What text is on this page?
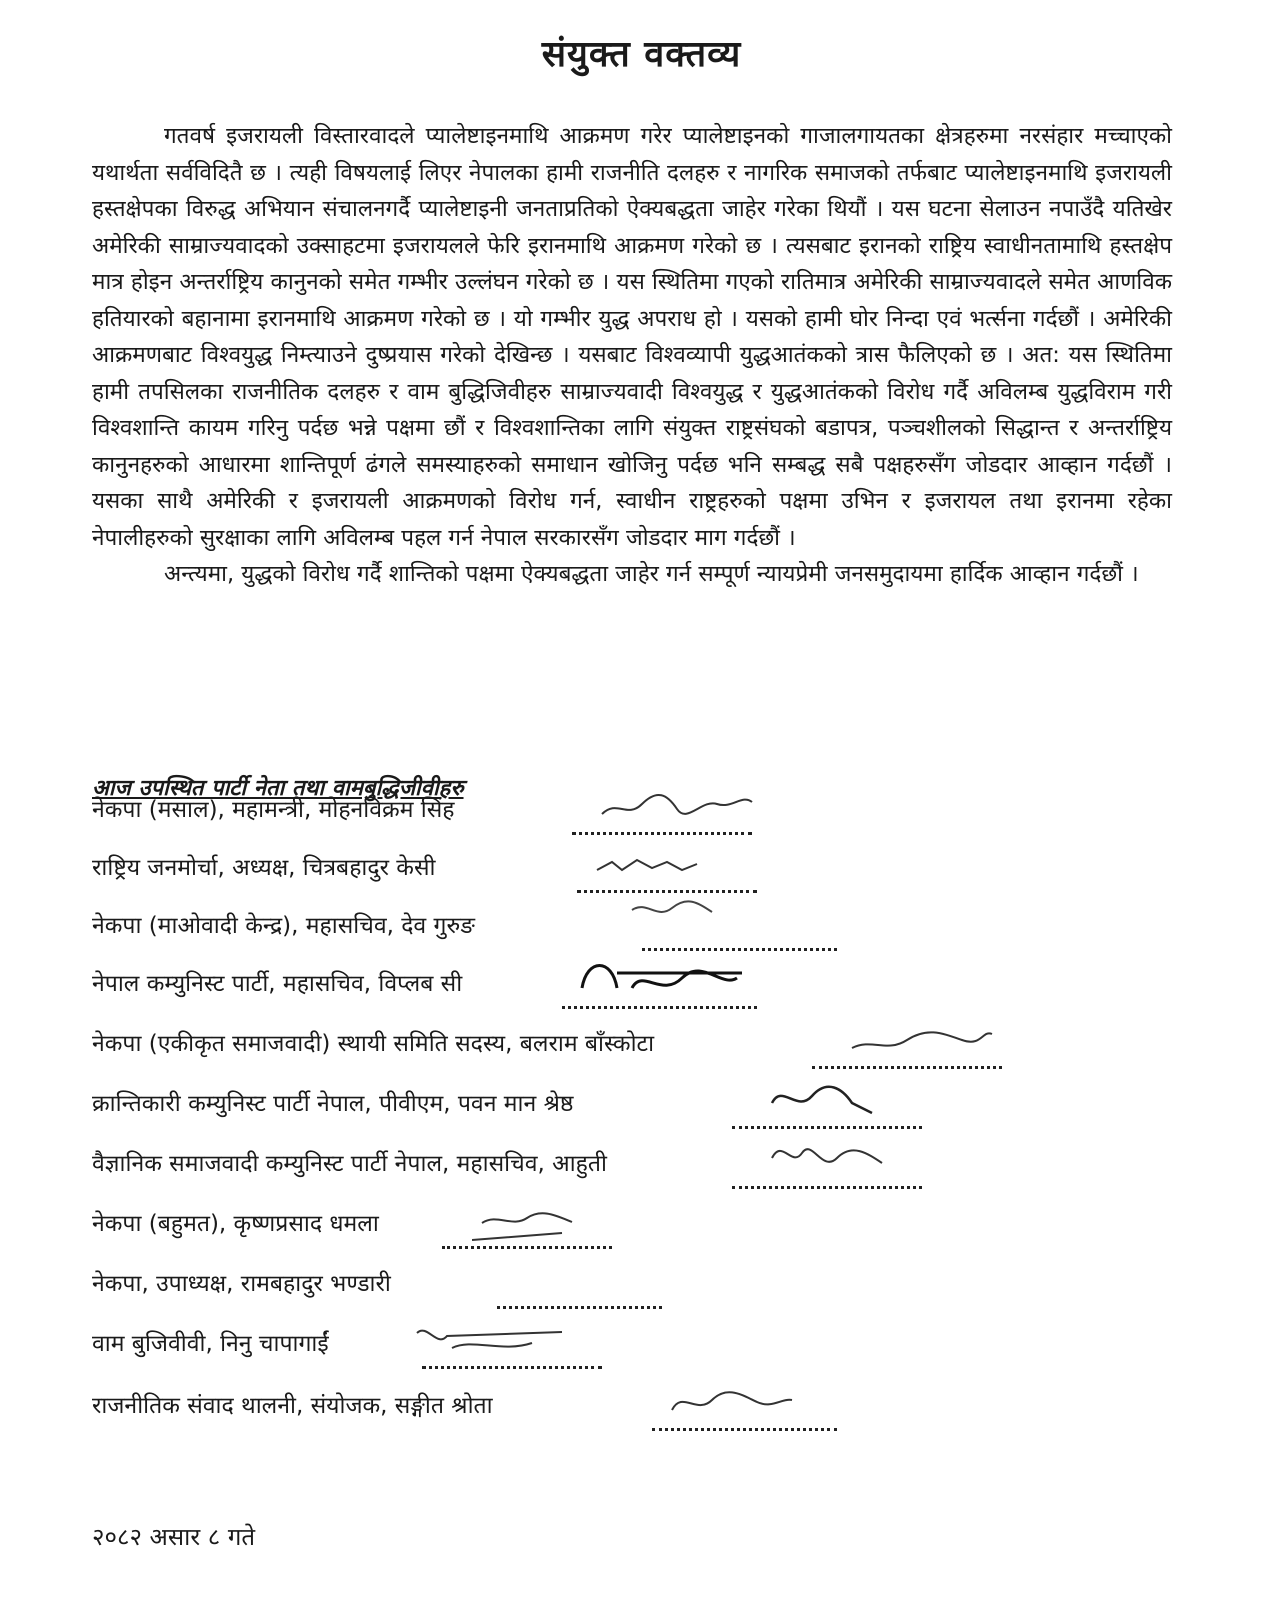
संयुक्त वक्तव्य

गतवर्ष इजरायली विस्तारवादले प्यालेष्टाइनमाथि आक्रमण गरेर प्यालेष्टाइनको गाजालगायतका क्षेत्रहरुमा नरसंहार मच्चाएको यथार्थता सर्वविदितै छ । त्यही विषयलाई लिएर नेपालका हामी राजनीति दलहरु र नागरिक समाजको तर्फबाट प्यालेष्टाइनमाथि इजरायली हस्तक्षेपका विरुद्ध अभियान संचालनगर्दै प्यालेष्टाइनी जनताप्रतिको ऐक्यबद्धता जाहेर गरेका थियौं । यस घटना सेलाउन नपाउँदै यतिखेर अमेरिकी साम्राज्यवादको उक्साहटमा इजरायलले फेरि इरानमाथि आक्रमण गरेको छ । त्यसबाट इरानको राष्ट्रिय स्वाधीनतामाथि हस्तक्षेप मात्र होइन अन्तर्राष्ट्रिय कानुनको समेत गम्भीर उल्लंघन गरेको छ । यस स्थितिमा गएको रातिमात्र अमेरिकी साम्राज्यवादले समेत आणविक हतियारको बहानामा इरानमाथि आक्रमण गरेको छ । यो गम्भीर युद्ध अपराध हो । यसको हामी घोर निन्दा एवं भर्त्सना गर्दछौं । अमेरिकी आक्रमणबाट विश्वयुद्ध निम्त्याउने दुष्प्रयास गरेको देखिन्छ । यसबाट विश्वव्यापी युद्धआतंकको त्रास फैलिएको छ । अत: यस स्थितिमा हामी तपसिलका राजनीतिक दलहरु र वाम बुद्धिजिवीहरु साम्राज्यवादी विश्वयुद्ध र युद्धआतंकको विरोध गर्दै अविलम्ब युद्धविराम गरी विश्वशान्ति कायम गरिनु पर्दछ भन्ने पक्षमा छौं र विश्वशान्तिका लागि संयुक्त राष्ट्रसंघको बडापत्र, पञ्चशीलको सिद्धान्त र अन्तर्राष्ट्रिय कानुनहरुको आधारमा शान्तिपूर्ण ढंगले समस्याहरुको समाधान खोजिनु पर्दछ भनि सम्बद्ध सबै पक्षहरुसँग जोडदार आव्हान गर्दछौं । यसका साथै अमेरिकी र इजरायली आक्रमणको विरोध गर्न, स्वाधीन राष्ट्रहरुको पक्षमा उभिन र इजरायल तथा इरानमा रहेका नेपालीहरुको सुरक्षाका लागि अविलम्ब पहल गर्न नेपाल सरकारसँग जोडदार माग गर्दछौं ।

अन्त्यमा, युद्धको विरोध गर्दै शान्तिको पक्षमा ऐक्यबद्धता जाहेर गर्न सम्पूर्ण न्यायप्रेमी जनसमुदायमा हार्दिक आव्हान गर्दछौं ।

आज उपस्थित पार्टी नेता तथा वामबुद्धिजीवीहरु
नेकपा (मसाल), महामन्त्री, मोहनविक्रम सिंह
राष्ट्रिय जनमोर्चा, अध्यक्ष, चित्रबहादुर केसी
नेकपा (माओवादी केन्द्र), महासचिव, देव गुरुङ
नेपाल कम्युनिस्ट पार्टी, महासचिव, विप्लब सी
नेकपा (एकीकृत समाजवादी) स्थायी समिति सदस्य, बलराम बाँस्कोटा
क्रान्तिकारी कम्युनिस्ट पार्टी नेपाल, पीवीएम, पवन मान श्रेष्ठ
वैज्ञानिक समाजवादी कम्युनिस्ट पार्टी नेपाल, महासचिव, आहुती
नेकपा (बहुमत), कृष्णप्रसाद धमला
नेकपा, उपाध्यक्ष, रामबहादुर भण्डारी
वाम बुजिवीवी, निनु चापागाईं
राजनीतिक संवाद थालनी, संयोजक, सङ्गीत श्रोता
२०८२ असार ८ गते
